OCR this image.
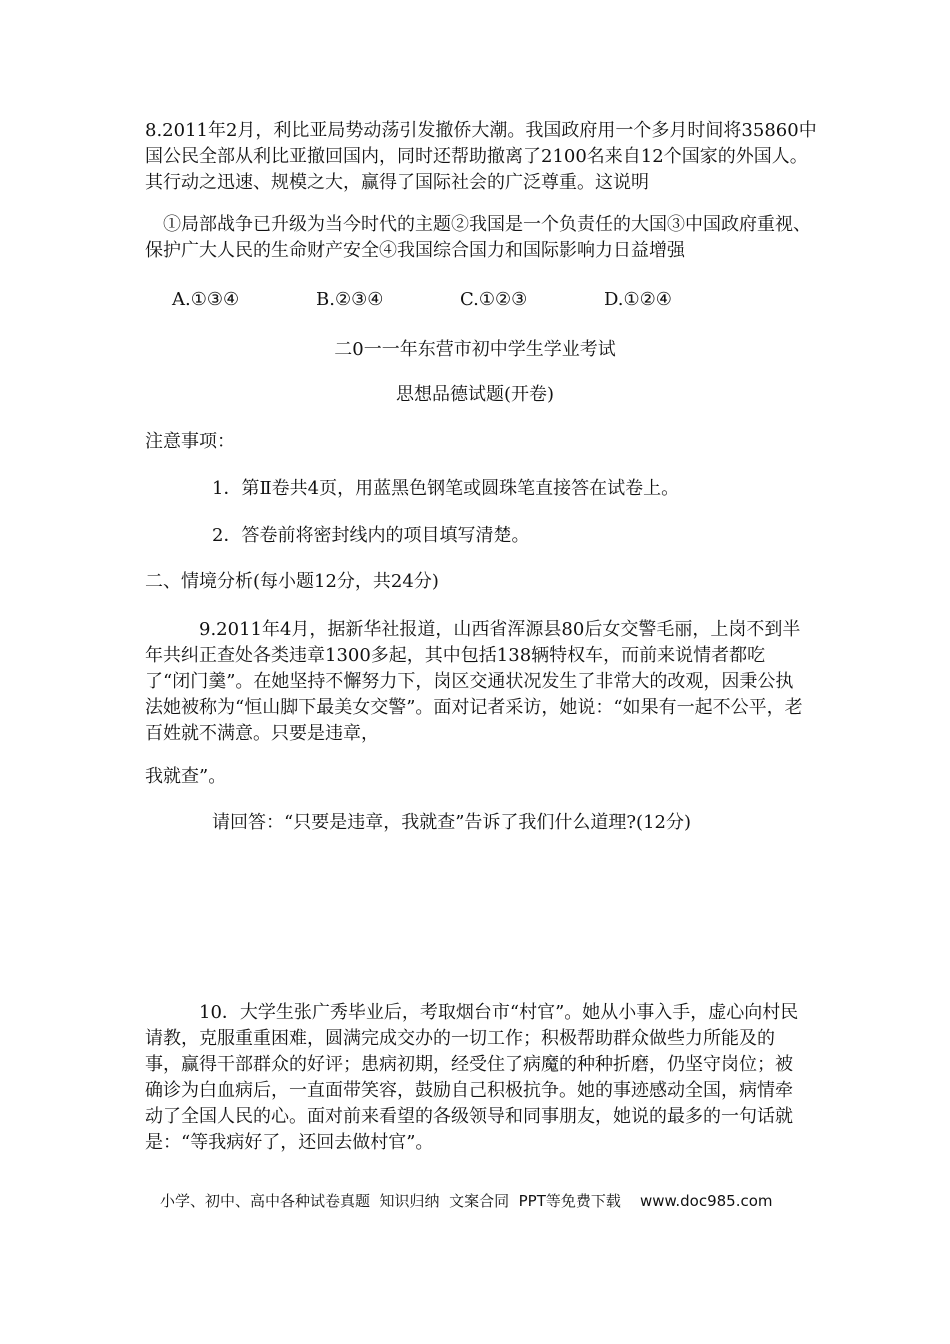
8.2011年2月，利比亚局势动荡引发撤侨大潮。我国政府用一个多月时间将35860中国公民全部从利比亚撤回国内，同时还帮助撤离了2100名来自12个国家的外国人。其行动之迅速、规模之大，赢得了国际社会的广泛尊重。这说明

　①局部战争已升级为当今时代的主题②我国是一个负责任的大国③中国政府重视、保护广大人民的生命财产安全④我国综合国力和国际影响力日益增强

A.①③④	B.②③④	C.①②③	D.①②④

二0一一年东营市初中学生学业考试

思想品德试题(开卷)

注意事项：

1．第Ⅱ卷共4页，用蓝黑色钢笔或圆珠笔直接答在试卷上。

2．答卷前将密封线内的项目填写清楚。

二、情境分析(每小题12分，共24分)

　　　9.2011年4月，据新华社报道，山西省浑源县80后女交警毛丽，上岗不到半年共纠正查处各类违章1300多起，其中包括138辆特权车，而前来说情者都吃了“闭门羹”。在她坚持不懈努力下，岗区交通状况发生了非常大的改观，因秉公执法她被称为“恒山脚下最美女交警”。面对记者采访，她说：“如果有一起不公平，老百姓就不满意。只要是违章，

我就查”。

请回答：“只要是违章，我就查”告诉了我们什么道理?(12分)

　　　10．大学生张广秀毕业后，考取烟台市“村官”。她从小事入手，虚心向村民请教，克服重重困难，圆满完成交办的一切工作；积极帮助群众做些力所能及的事，赢得干部群众的好评；患病初期，经受住了病魔的种种折磨，仍坚守岗位；被确诊为白血病后，一直面带笑容，鼓励自己积极抗争。她的事迹感动全国，病情牵动了全国人民的心。面对前来看望的各级领导和同事朋友，她说的最多的一句话就是：“等我病好了，还回去做村官”。

小学、初中、高中各种试卷真题  知识归纳  文案合同  PPT等免费下载 www.doc985.com
